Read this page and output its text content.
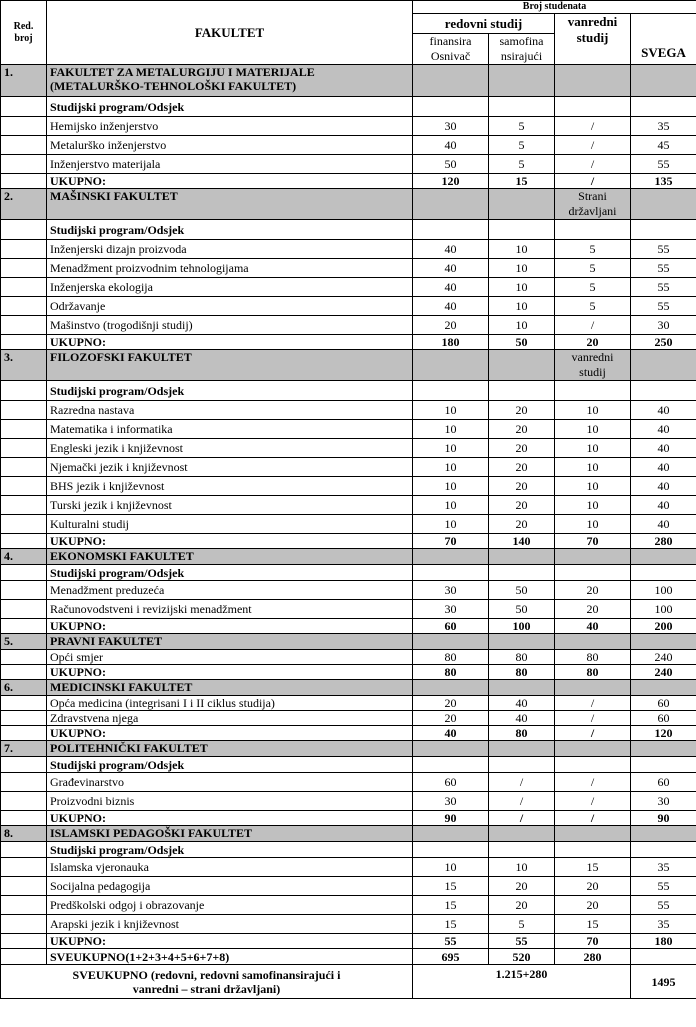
Red. broj	FAKULTET	Broj studenata			
		redovni studij		vanredni studij	SVEGA
		finansira Osnivač	samofina nsirajući		
1.	FAKULTET ZA METALURGIJU I MATERIJALE (METALURŠKO-TEHNOLOŠKI FAKULTET)				
	Studijski program/Odsjek				
	Hemijsko inženjerstvo	30	5	/	35
	Metalurško inženjerstvo	40	5	/	45
	Inženjerstvo materijala	50	5	/	55
	UKUPNO:	120	15	/	135
2.	MAŠINSKI FAKULTET			Strani državljani	
	Studijski program/Odsjek				
	Inženjerski dizajn proizvoda	40	10	5	55
	Menadžment proizvodnim tehnologijama	40	10	5	55
	Inženjerska ekologija	40	10	5	55
	Održavanje	40	10	5	55
	Mašinstvo (trogodišnji studij)	20	10	/	30
	UKUPNO:	180	50	20	250
3.	FILOZOFSKI FAKULTET			vanredni studij	
	Studijski program/Odsjek				
	Razredna nastava	10	20	10	40
	Matematika i informatika	10	20	10	40
	Engleski jezik i književnost	10	20	10	40
	Njemački jezik i književnost	10	20	10	40
	BHS jezik i književnost	10	20	10	40
	Turski jezik i književnost	10	20	10	40
	Kulturalni studij	10	20	10	40
	UKUPNO:	70	140	70	280
4.	EKONOMSKI FAKULTET				
	Studijski program/Odsjek				
	Menadžment preduzeća	30	50	20	100
	Računovodstveni i revizijski menadžment	30	50	20	100
	UKUPNO:	60	100	40	200
5.	PRAVNI FAKULTET				
	Opći smjer	80	80	80	240
	UKUPNO:	80	80	80	240
6.	MEDICINSKI FAKULTET				
	Opća medicina (integrisani I i II ciklus studija)	20	40	/	60
	Zdravstvena njega	20	40	/	60
	UKUPNO:	40	80	/	120
7.	POLITEHNIČKI FAKULTET				
	Studijski program/Odsjek				
	Građevinarstvo	60	/	/	60
	Proizvodni biznis	30	/	/	30
	UKUPNO:	90	/	/	90
8.	ISLAMSKI PEDAGOŠKI FAKULTET				
	Studijski program/Odsjek				
	Islamska vjeronauka	10	10	15	35
	Socijalna pedagogija	15	20	20	55
	Predškolski odgoj i obrazovanje	15	20	20	55
	Arapski jezik i književnost	15	5	15	35
	UKUPNO:	55	55	70	180
	SVEUKUPNO(1+2+3+4+5+6+7+8)	695	520	280	
SVEUKUPNO (redovni, redovni samofinansirajući i vanredni – strani državljani)		1.215+280			1495
